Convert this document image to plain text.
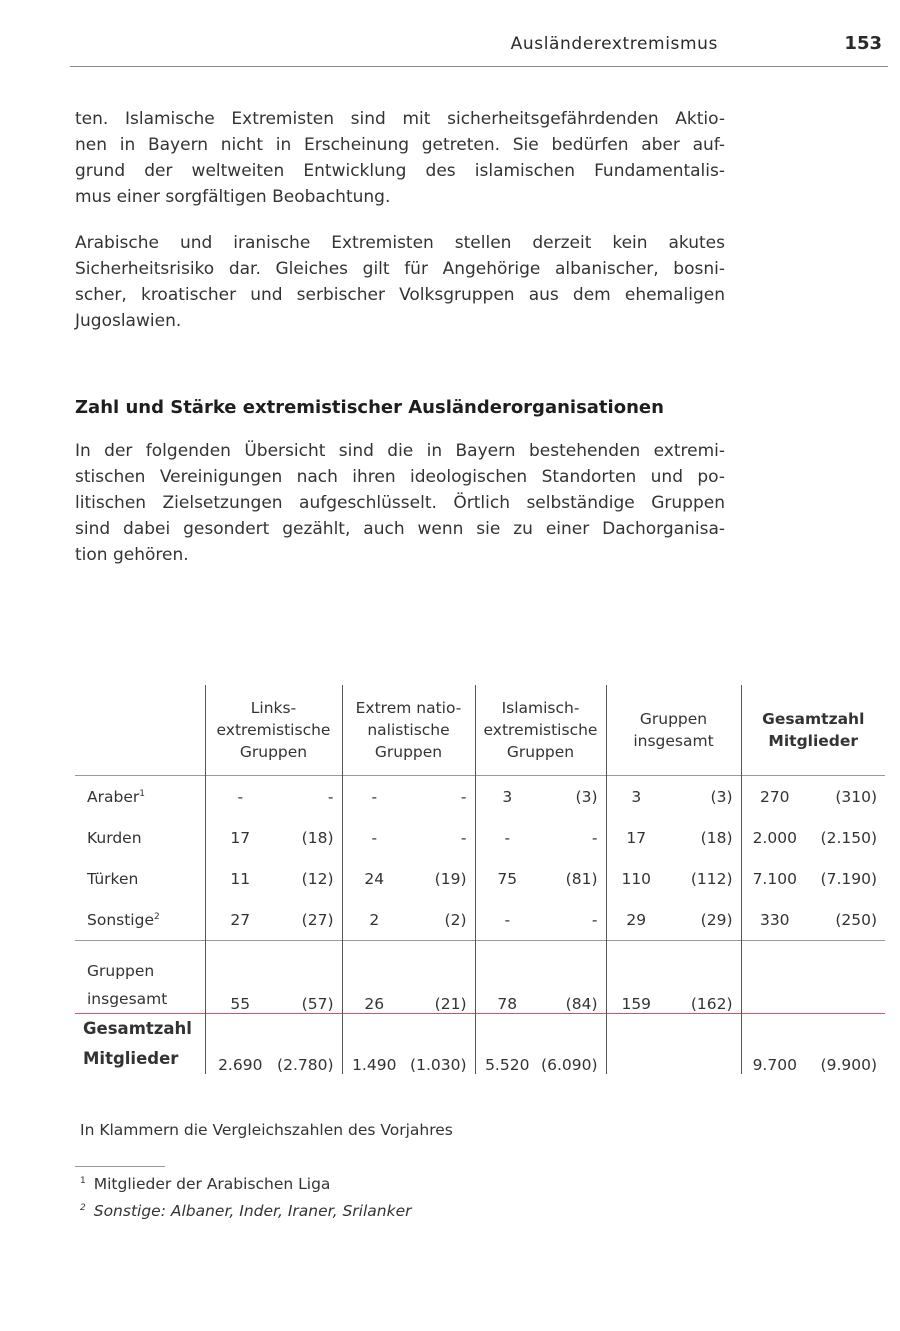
Ausländerextremismus	153
ten. Islamische Extremisten sind mit sicherheitsgefährdenden Aktio-
nen in Bayern nicht in Erscheinung getreten. Sie bedürfen aber auf-
grund der weltweiten Entwicklung des islamischen Fundamentalis-
mus einer sorgfältigen Beobachtung.
Arabische und iranische Extremisten stellen derzeit kein akutes
Sicherheitsrisiko dar. Gleiches gilt für Angehörige albanischer, bosni-
scher, kroatischer und serbischer Volksgruppen aus dem ehemaligen
Jugoslawien.
Zahl und Stärke extremistischer Ausländerorganisationen
In der folgenden Übersicht sind die in Bayern bestehenden extremi-
stischen Vereinigungen nach ihren ideologischen Standorten und po-
litischen Zielsetzungen aufgeschlüsselt. Örtlich selbständige Gruppen
sind dabei gesondert gezählt, auch wenn sie zu einer Dachorganisa-
tion gehören.
	Links-
extremistische
Gruppen		Extrem natio-
nalistische
Gruppen		Islamisch-
extremistische
Gruppen		Gruppen
insgesamt		Gesamtzahl
Mitglieder	
Araber$^1$	-	-	-	-	3	(3)	3	(3)	270	(310)
Kurden	17	(18)	-	-	-	-	17	(18)	2.000	(2.150)
Türken	11	(12)	24	(19)	75	(81)	110	(112)	7.100	(7.190)
Sonstige$^2$	27	(27)	2	(2)	-	-	29	(29)	330	(250)
Gruppen
insgesamt	55	(57)	26	(21)	78	(84)	159	(162)		
Gesamtzahl
Mitglieder	2.690	(2.780)	1.490	(1.030)	5.520	(6.090)			9.700	(9.900)
In Klammern die Vergleichszahlen des Vorjahres
$^1$ Mitglieder der Arabischen Liga
$^2$ Sonstige: Albaner, Inder, Iraner, Srilanker
